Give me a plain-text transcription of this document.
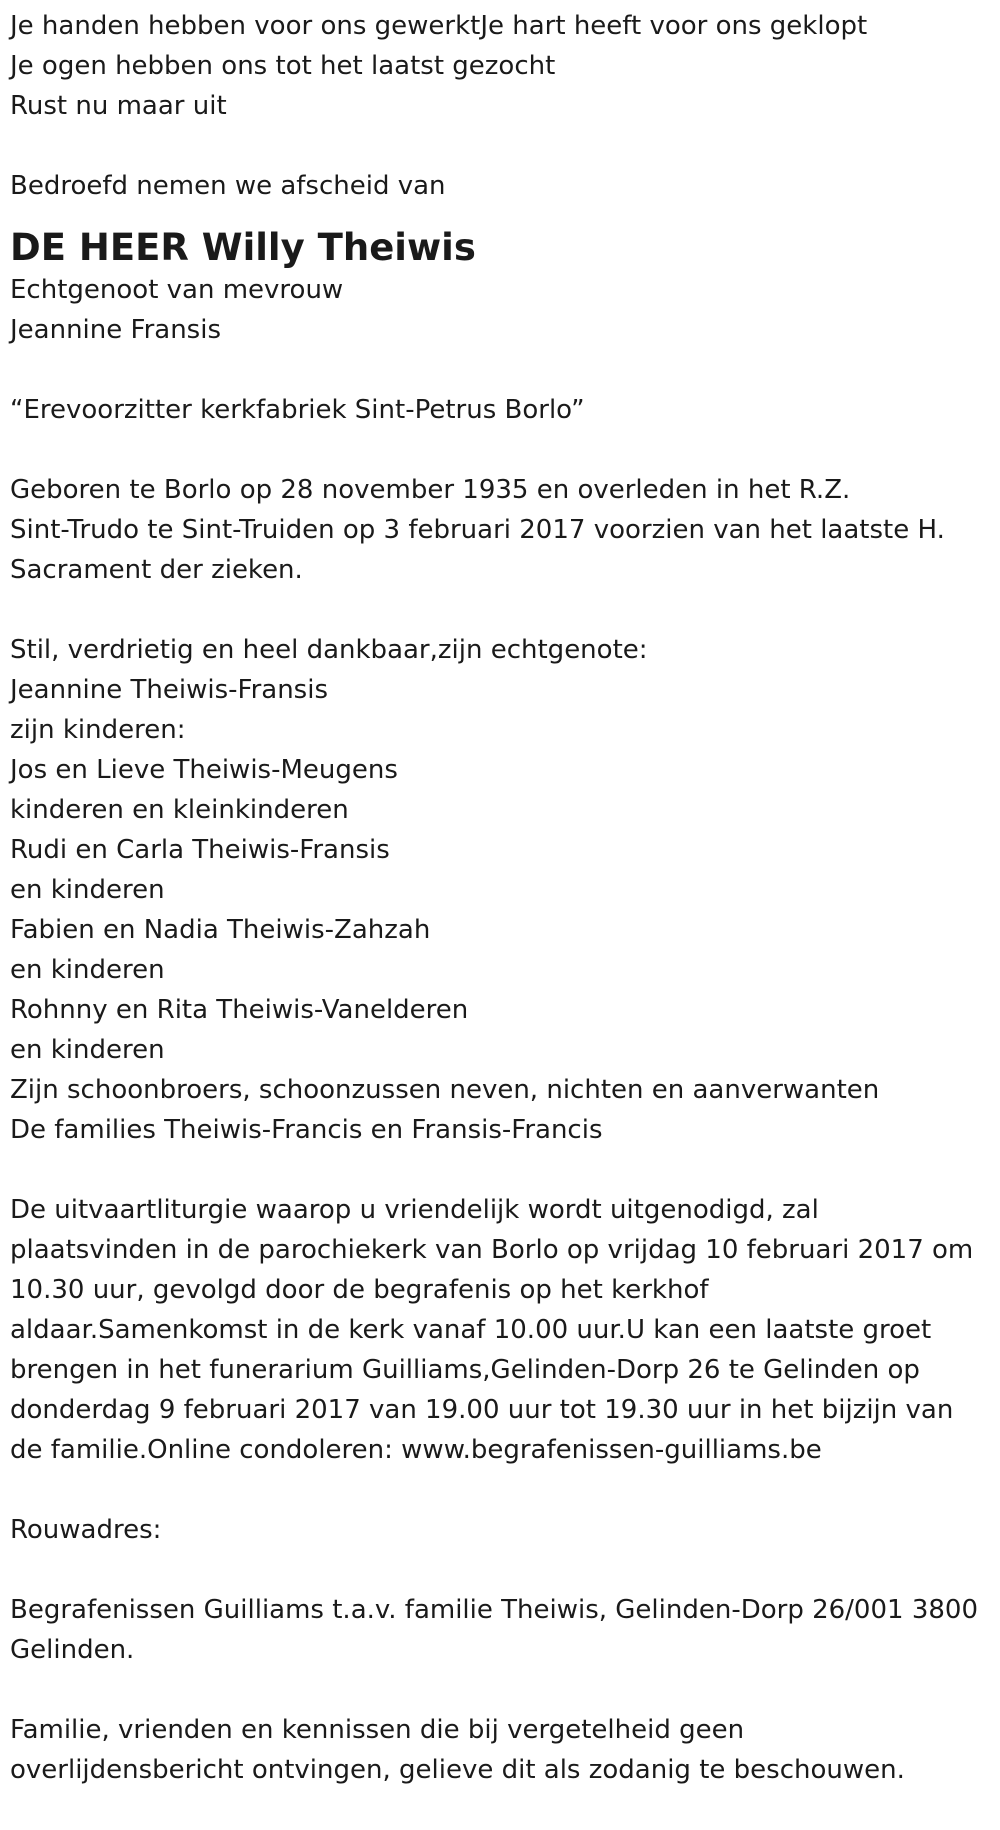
Je handen hebben voor ons gewerktJe hart heeft voor ons geklopt
Je ogen hebben ons tot het laatst gezocht
Rust nu maar uit
Bedroefd nemen we afscheid van
DE HEER Willy Theiwis
Echtgenoot van mevrouw
Jeannine Fransis
“Erevoorzitter kerkfabriek Sint-Petrus Borlo”
Geboren te Borlo op 28 november 1935 en overleden in het R.Z.
Sint-Trudo te Sint-Truiden op 3 februari 2017 voorzien van het laatste H.
Sacrament der zieken.
Stil, verdrietig en heel dankbaar,zijn echtgenote:
Jeannine Theiwis-Fransis
zijn kinderen:
Jos en Lieve Theiwis-Meugens
kinderen en kleinkinderen
Rudi en Carla Theiwis-Fransis
en kinderen
Fabien en Nadia Theiwis-Zahzah
en kinderen
Rohnny en Rita Theiwis-Vanelderen
en kinderen
Zijn schoonbroers, schoonzussen neven, nichten en aanverwanten
De families Theiwis-Francis en Fransis-Francis
De uitvaartliturgie waarop u vriendelijk wordt uitgenodigd, zal
plaatsvinden in de parochiekerk van Borlo op vrijdag 10 februari 2017 om
10.30 uur, gevolgd door de begrafenis op het kerkhof
aldaar.Samenkomst in de kerk vanaf 10.00 uur.U kan een laatste groet
brengen in het funerarium Guilliams,Gelinden-Dorp 26 te Gelinden op
donderdag 9 februari 2017 van 19.00 uur tot 19.30 uur in het bijzijn van
de familie.Online condoleren: www.begrafenissen-guilliams.be
Rouwadres:
Begrafenissen Guilliams t.a.v. familie Theiwis, Gelinden-Dorp 26/001 3800
Gelinden.
Familie, vrienden en kennissen die bij vergetelheid geen
overlijdensbericht ontvingen, gelieve dit als zodanig te beschouwen.
